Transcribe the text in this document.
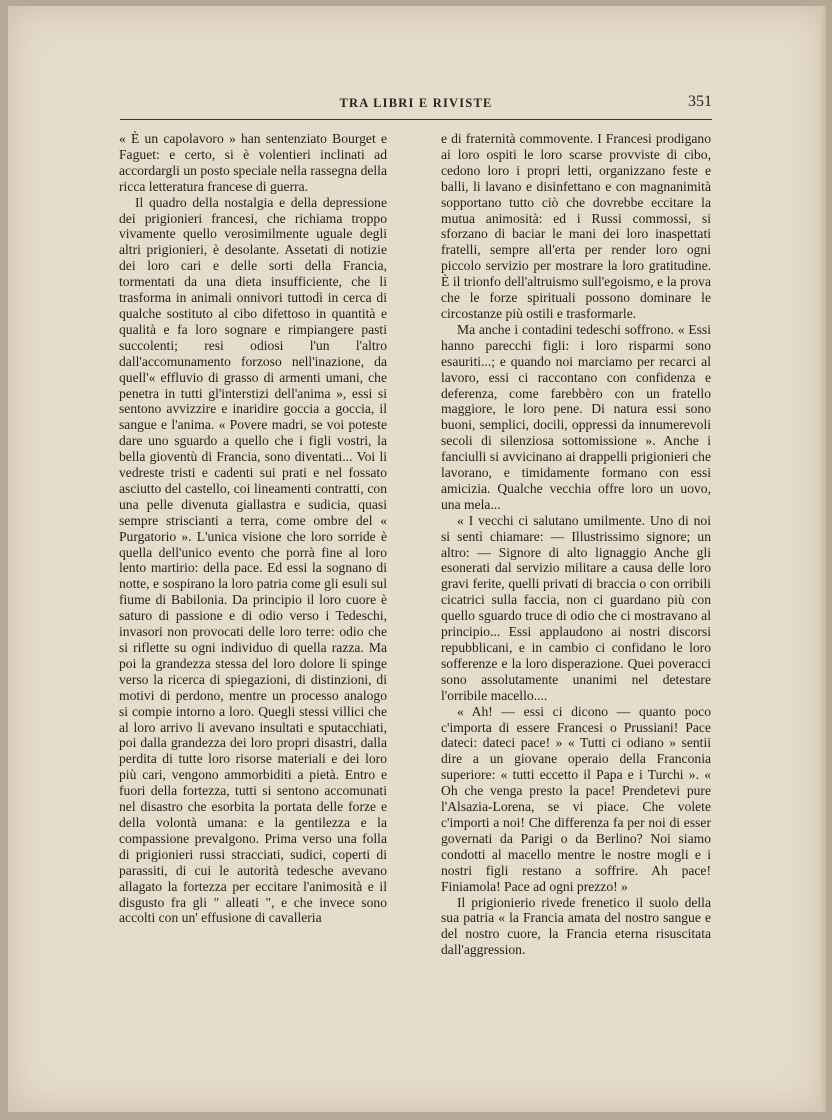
TRA LIBRI E RIVISTE	351

« È un capolavoro » han sentenziato Bourget e Faguet: e certo, si è volentieri inclinati ad accordargli un posto speciale nella rassegna della ricca letteratura francese di guerra.

Il quadro della nostalgia e della depressione dei prigionieri francesi, che richiama troppo vivamente quello verosimilmente uguale degli altri prigionieri, è desolante. Assetati di notizie dei loro cari e delle sorti della Francia, tormentati da una dieta insufficiente, che li trasforma in animali onnivori tuttodì in cerca di qualche sostituto al cibo difettoso in quantità e qualità e fa loro sognare e rimpiangere pasti succolenti; resi odiosi l'un l'altro dall'accomunamento forzoso nell'inazione, da quell'« effluvio di grasso di armenti umani, che penetra in tutti gl'interstizi dell'anima », essi si sentono avvizzire e inaridire goccia a goccia, il sangue e l'anima. « Povere madri, se voi poteste dare uno sguardo a quello che i figli vostri, la bella gioventù di Francia, sono diventati... Voi li vedreste tristi e cadenti sui prati e nel fossato asciutto del castello, coi lineamenti contratti, con una pelle divenuta giallastra e sudicia, quasi sempre striscianti a terra, come ombre del « Purgatorio ». L'unica visione che loro sorride è quella dell'unico evento che porrà fine al loro lento martirio: della pace. Ed essi la sognano di notte, e sospirano la loro patria come gli esuli sul fiume di Babilonia. Da principio il loro cuore è saturo di passione e di odio verso i Tedeschi, invasori non provocati delle loro terre: odio che si riflette su ogni individuo di quella razza. Ma poi la grandezza stessa del loro dolore li spinge verso la ricerca di spiegazioni, di distinzioni, di motivi di perdono, mentre un processo analogo si compie intorno a loro. Quegli stessi villici che al loro arrivo li avevano insultati e sputacchiati, poi dalla grandezza dei loro propri disastri, dalla perdita di tutte loro risorse materiali e dei loro più cari, vengono ammorbiditi a pietà. Entro e fuori della fortezza, tutti si sentono accomunati nel disastro che esorbita la portata delle forze e della volontà umana: e la gentilezza e la compassione prevalgono. Prima verso una folla di prigionieri russi stracciati, sudici, coperti di parassiti, di cui le autorità tedesche avevano allagato la fortezza per eccitare l'animosità e il disgusto fra gli " alleati ", e che invece sono accolti con un' effusione di cavalleria

e di fraternità commovente. I Francesi prodigano ai loro ospiti le loro scarse provviste di cibo, cedono loro i propri letti, organizzano feste e balli, li lavano e disinfettano e con magnanimità sopportano tutto ciò che dovrebbe eccitare la mutua animosità: ed i Russi commossi, si sforzano di baciar le mani dei loro inaspettati fratelli, sempre all'erta per render loro ogni piccolo servizio per mostrare la loro gratitudine. È il trionfo dell'altruismo sull'egoismo, e la prova che le forze spirituali possono dominare le circostanze più ostili e trasformarle.

Ma anche i contadini tedeschi soffrono. « Essi hanno parecchi figli: i loro risparmi sono esauriti...; e quando noi marciamo per recarci al lavoro, essi ci raccontano con confidenza e deferenza, come farebbèro con un fratello maggiore, le loro pene. Di natura essi sono buoni, semplici, docili, oppressi da innumerevoli secoli di silenziosa sottomissione ». Anche i fanciulli si avvicinano ai drappelli prigionieri che lavorano, e timidamente formano con essi amicizia. Qualche vecchia offre loro un uovo, una mela...

« I vecchi ci salutano umilmente. Uno di noi si sentì chiamare: — Illustrissimo signore; un altro: — Signore di alto lignaggio Anche gli esonerati dal servizio militare a causa delle loro gravi ferite, quelli privati di braccia o con orribili cicatrici sulla faccia, non ci guardano più con quello sguardo truce di odio che ci mostravano al principio... Essi applaudono ai nostri discorsi repubblicani, e in cambio ci confidano le loro sofferenze e la loro disperazione. Quei poveracci sono assolutamente unanimi nel detestare l'orribile macello....

« Ah! — essi ci dicono — quanto poco c'importa di essere Francesi o Prussiani! Pace dateci: dateci pace! » « Tutti ci odiano » sentii dire a un giovane operaio della Franconia superiore: « tutti eccetto il Papa e i Turchi ». « Oh che venga presto la pace! Prendetevi pure l'Alsazia-Lorena, se vi piace. Che volete c'importi a noi! Che differenza fa per noi di esser governati da Parigi o da Berlino? Noi siamo condotti al macello mentre le nostre mogli e i nostri figli restano a soffrire. Ah pace! Finiamola! Pace ad ogni prezzo! »

Il prigionierio rivede frenetico il suolo della sua patria « la Francia amata del nostro sangue e del nostro cuore, la Francia eterna risuscitata dall'aggression.
